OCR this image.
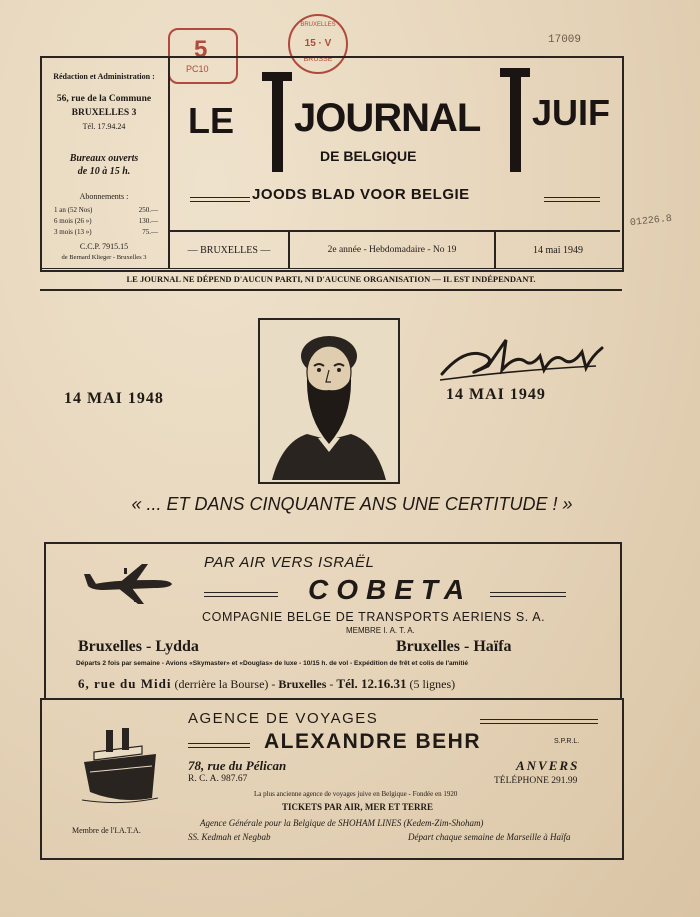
17009
01226.8
5
PC10
BRUXELLES
15 · V
BRUSSE
Rédaction et Administration :
56, rue de la Commune
BRUXELLES 3
Tél. 17.94.24
Bureaux ouverts
de 10 à 15 h.
Abonnements :
1 an (52 Nos)	250.—
6 mois (26 »)	130.—
3 mois (13 »)	75.—
C.C.P. 7915.15
de Bernard Klieger - Bruxelles 3
LE JOURNAL JUIF
DE BELGIQUE
JOODS BLAD VOOR BELGIE
— BRUXELLES —	2e année - Hebdomadaire - No 19	14 mai 1949
LE JOURNAL NE DÉPEND D'AUCUN PARTI, NI D'AUCUNE ORGANISATION — IL EST INDÉPENDANT.
14 MAI 1948	14 MAI 1949
« ... ET DANS CINQUANTE ANS UNE CERTITUDE ! »
PAR AIR VERS ISRAËL
COBETA
COMPAGNIE BELGE DE TRANSPORTS AERIENS S. A.
MEMBRE I. A. T. A.
Bruxelles - Lydda	Bruxelles - Haïfa
Départs 2 fois par semaine - Avions «Skymaster» et «Douglas» de luxe - 10/15 h. de vol - Expédition de frêt et colis de l'amitié
6, rue du Midi (derrière la Bourse) - Bruxelles - Tél. 12.16.31 (5 lignes)
AGENCE DE VOYAGES
ALEXANDRE BEHR	S.P.R.L.
78, rue du Pélican	ANVERS
R. C. A. 987.67	TÉLÉPHONE 291.99
La plus ancienne agence de voyages juive en Belgique - Fondée en 1920
TICKETS PAR AIR, MER ET TERRE
Agence Générale pour la Belgique de SHOHAM LINES (Kedem-Zim-Shoham)
SS. Kedmah et Negbab	Départ chaque semaine de Marseille à Haïfa
Membre de l'I.A.T.A.
